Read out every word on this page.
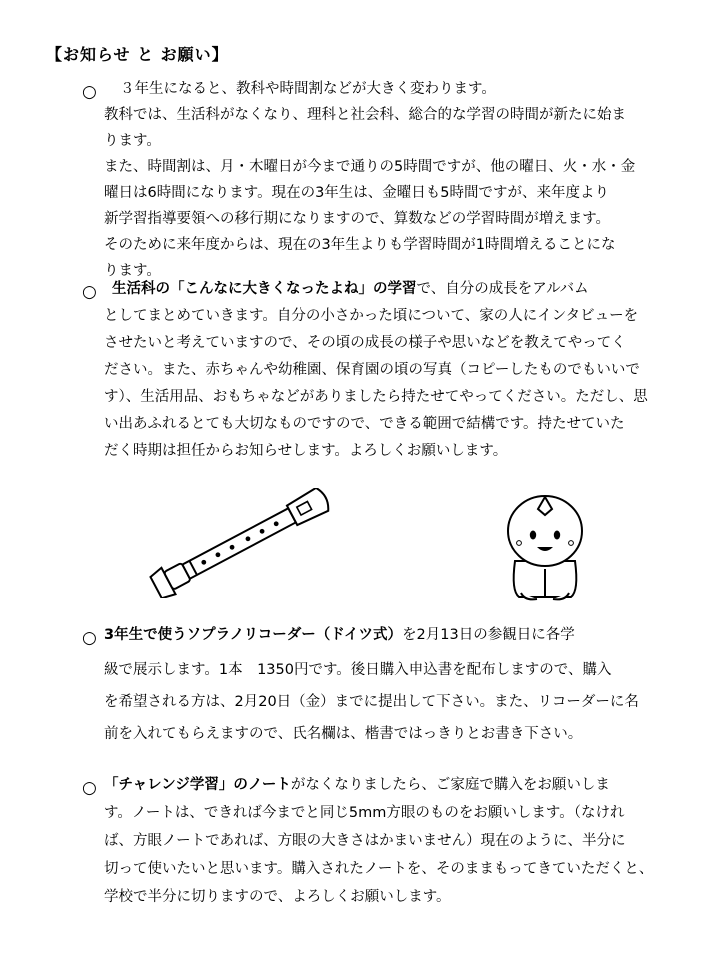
【お知らせ と お願い】
○ ３年生になると、教科や時間割などが大きく変わります。
教科では、生活科がなくなり、理科と社会科、総合的な学習の時間が新たに始ま
ります。
また、時間割は、月・木曜日が今まで通りの5時間ですが、他の曜日、火・水・金
曜日は6時間になります。現在の3年生は、金曜日も5時間ですが、来年度より
新学習指導要領への移行期になりますので、算数などの学習時間が増えます。
そのために来年度からは、現在の3年生よりも学習時間が1時間増えることにな
ります。
○ 生活科の「こんなに大きくなったよね」の学習で、自分の成長をアルバム
としてまとめていきます。自分の小さかった頃について、家の人にインタビューを
させたいと考えていますので、その頃の成長の様子や思いなどを教えてやってく
ださい。また、赤ちゃんや幼稚園、保育園の頃の写真（コピーしたものでもいいで
す）、生活用品、おもちゃなどがありましたら持たせてやってください。ただし、思
い出あふれるとても大切なものですので、できる範囲で結構です。持たせていた
だく時期は担任からお知らせします。よろしくお願いします。
○ 3年生で使うソプラノリコーダー（ドイツ式）を2月13日の参観日に各学
級で展示します。1本　1350円です。後日購入申込書を配布しますので、購入
を希望される方は、2月20日（金）までに提出して下さい。また、リコーダーに名
前を入れてもらえますので、氏名欄は、楷書ではっきりとお書き下さい。
○ 「チャレンジ学習」のノートがなくなりましたら、ご家庭で購入をお願いしま
す。ノートは、できれば今までと同じ5mm方眼のものをお願いします。（なけれ
ば、方眼ノートであれば、方眼の大きさはかまいません）現在のように、半分に
切って使いたいと思います。購入されたノートを、そのままもってきていただくと、
学校で半分に切りますので、よろしくお願いします。
